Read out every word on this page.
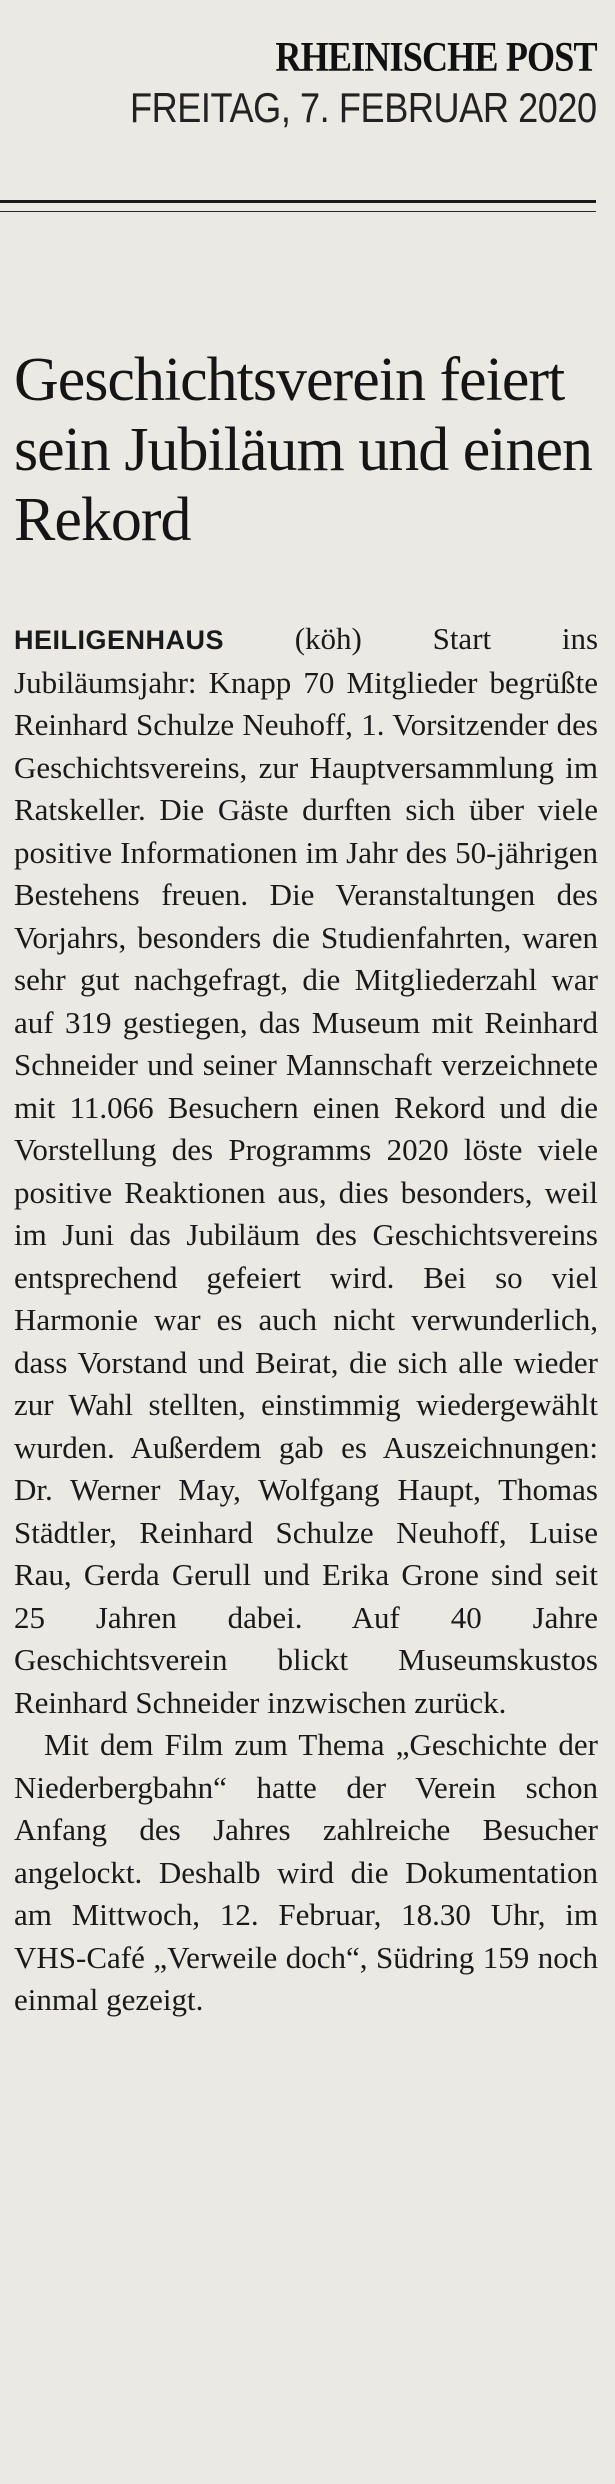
RHEINISCHE POST
FREITAG, 7. FEBRUAR 2020
Geschichtsverein feiert sein Jubiläum und einen Rekord

HEILIGENHAUS (köh) Start ins Jubiläumsjahr: Knapp 70 Mitglieder begrüßte Reinhard Schulze Neuhoff, 1. Vorsitzender des Geschichtsvereins, zur Hauptversammlung im Ratskeller. Die Gäste durften sich über viele positive Informationen im Jahr des 50-jährigen Bestehens freuen. Die Veranstaltungen des Vorjahrs, besonders die Studienfahrten, waren sehr gut nachgefragt, die Mitgliederzahl war auf 319 gestiegen, das Museum mit Reinhard Schneider und seiner Mannschaft verzeichnete mit 11.066 Besuchern einen Rekord und die Vorstellung des Programms 2020 löste viele positive Reaktionen aus, dies besonders, weil im Juni das Jubiläum des Geschichtsvereins entsprechend gefeiert wird. Bei so viel Harmonie war es auch nicht verwunderlich, dass Vorstand und Beirat, die sich alle wieder zur Wahl stellten, einstimmig wiedergewählt wurden. Außerdem gab es Auszeichnungen: Dr. Werner May, Wolfgang Haupt, Thomas Städtler, Reinhard Schulze Neuhoff, Luise Rau, Gerda Gerull und Erika Grone sind seit 25 Jahren dabei. Auf 40 Jahre Geschichtsverein blickt Museumskustos Reinhard Schneider inzwischen zurück.

Mit dem Film zum Thema „Geschichte der Niederbergbahn“ hatte der Verein schon Anfang des Jahres zahlreiche Besucher angelockt. Deshalb wird die Dokumentation am Mittwoch, 12. Februar, 18.30 Uhr, im VHS-Café „Verweile doch“, Südring 159 noch einmal gezeigt.
